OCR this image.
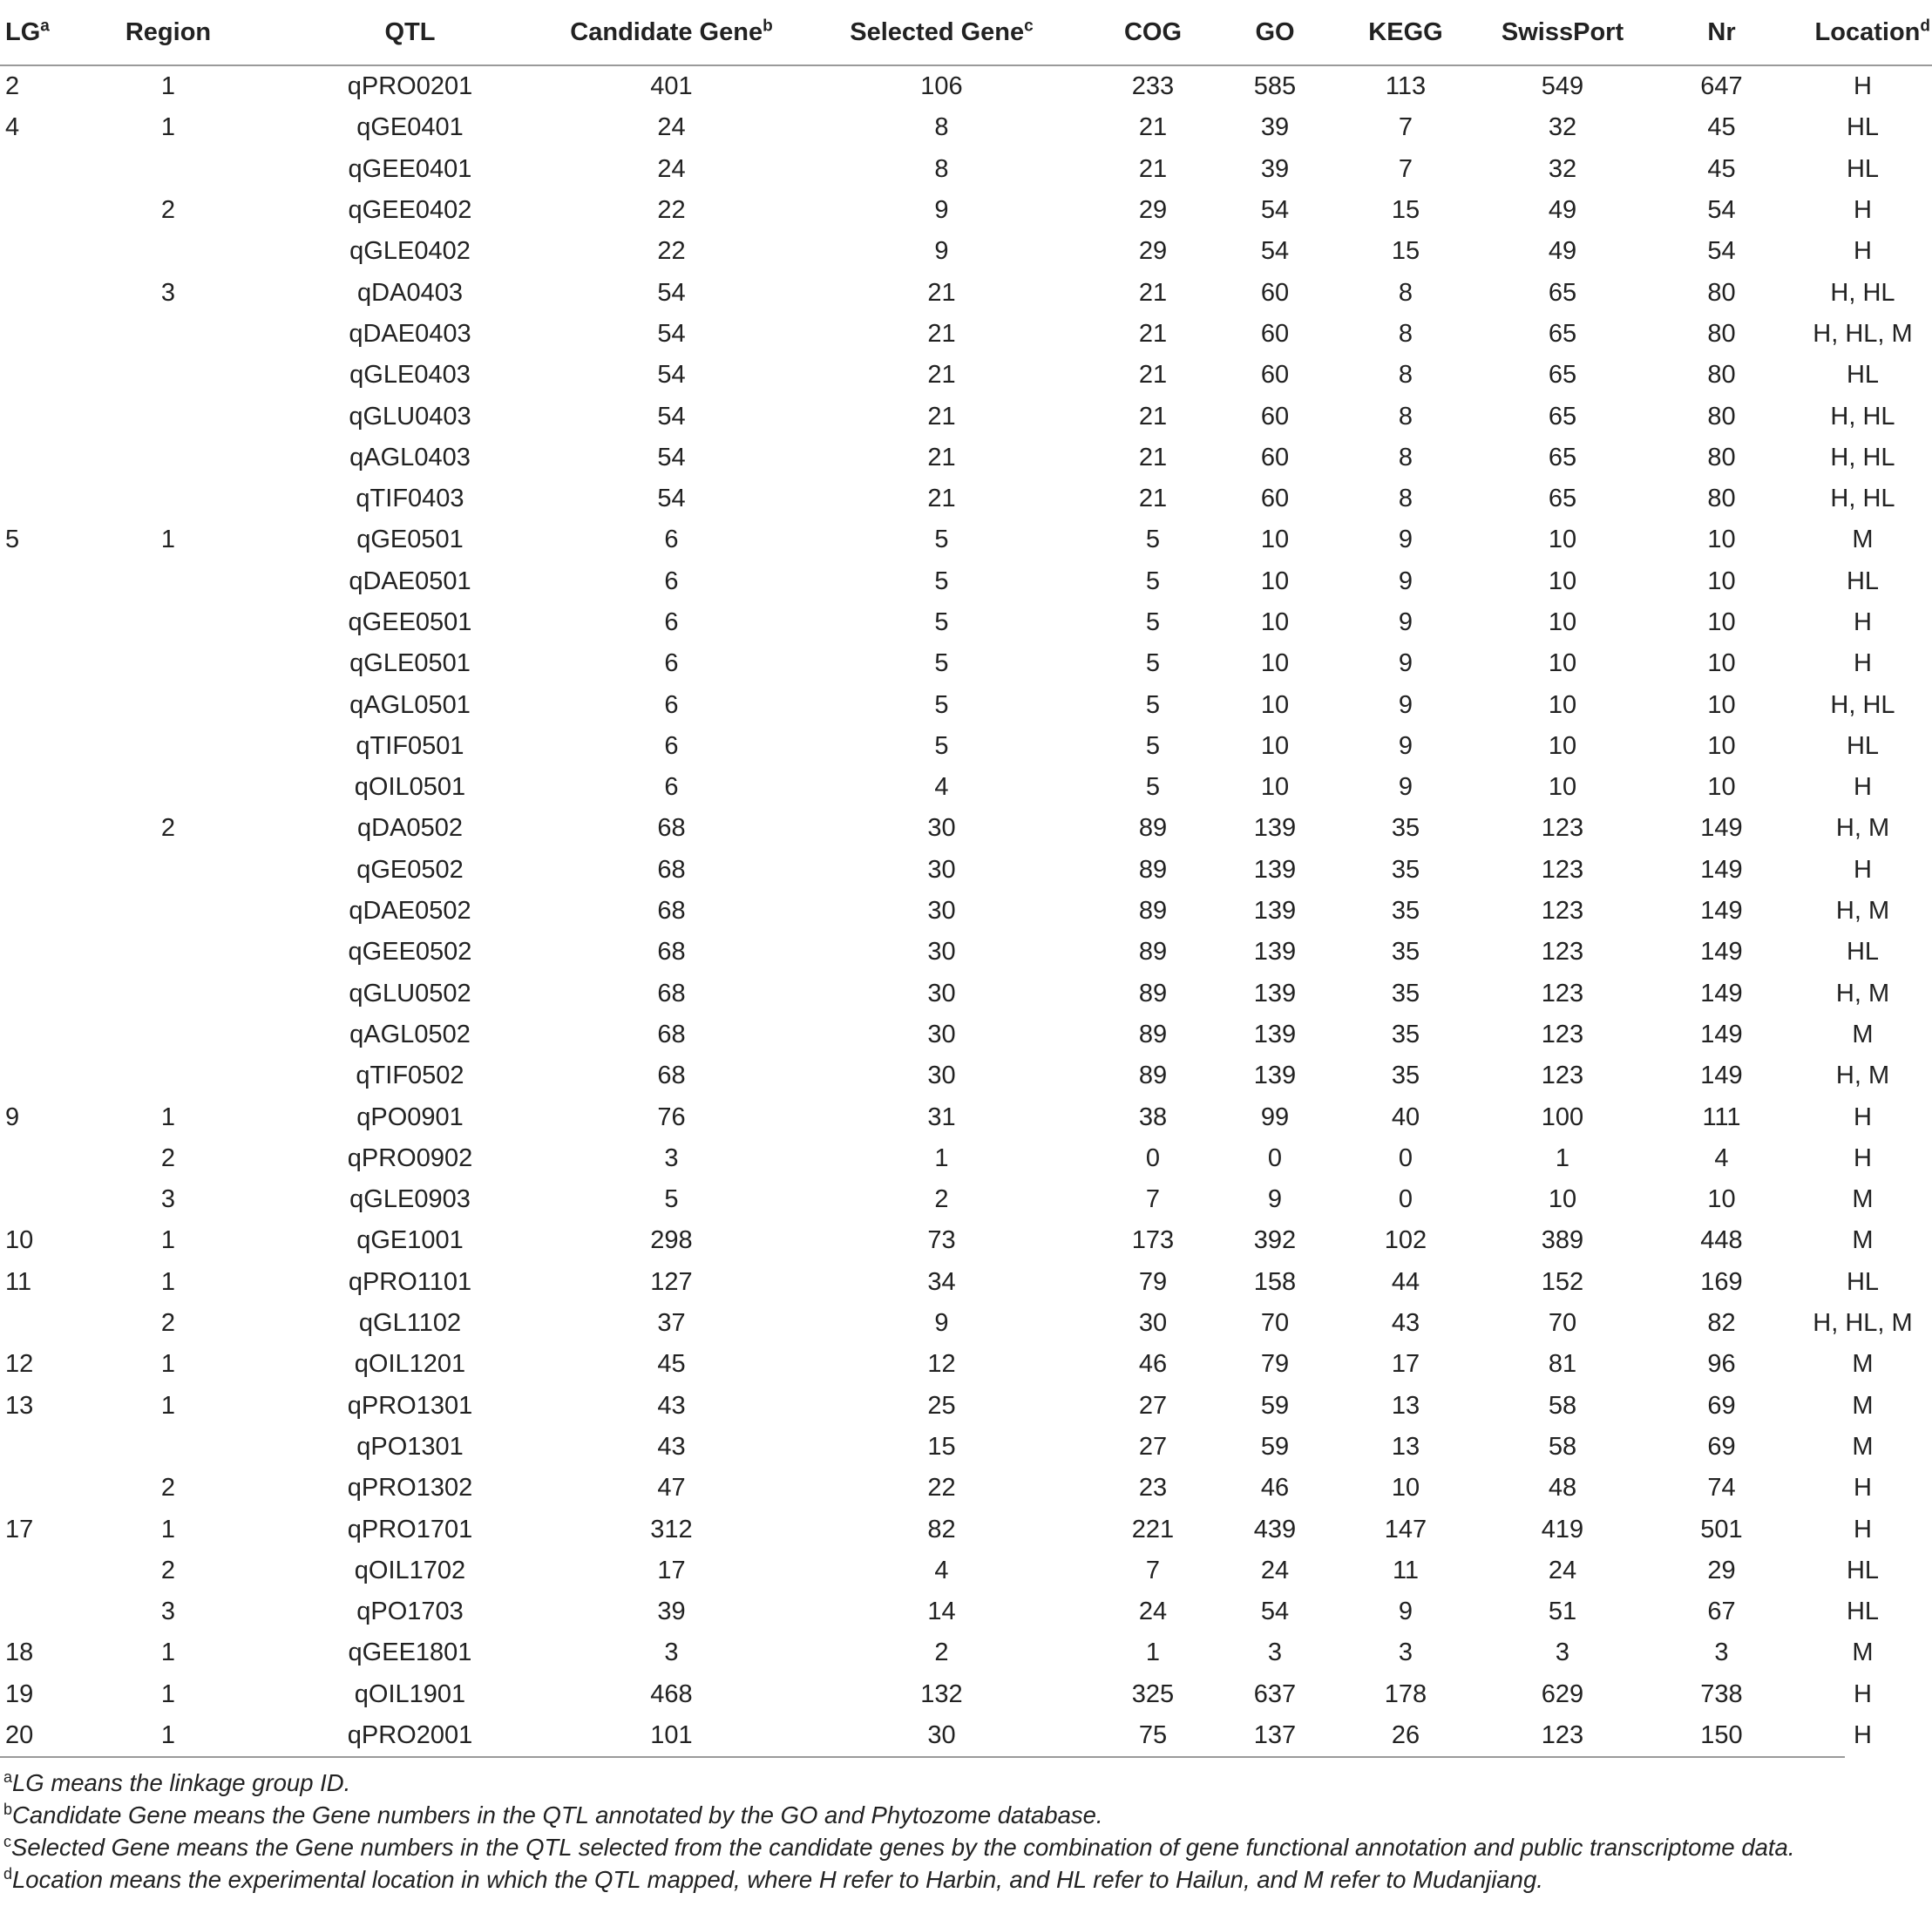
$LG^a$	Region	QTL	Candidate Gene$^b$	Selected Gene$^c$	COG	GO	KEGG	SwissPort	Nr	Location$^d$
2	1	qPRO0201	401	106	233	585	113	549	647	H
4	1	qGE0401	24	8	21	39	7	32	45	HL
		qGEE0401	24	8	21	39	7	32	45	HL
	2	qGEE0402	22	9	29	54	15	49	54	H
		qGLE0402	22	9	29	54	15	49	54	H
	3	qDA0403	54	21	21	60	8	65	80	H, HL
		qDAE0403	54	21	21	60	8	65	80	H, HL, M
		qGLE0403	54	21	21	60	8	65	80	HL
		qGLU0403	54	21	21	60	8	65	80	H, HL
		qAGL0403	54	21	21	60	8	65	80	H, HL
		qTIF0403	54	21	21	60	8	65	80	H, HL
5	1	qGE0501	6	5	5	10	9	10	10	M
		qDAE0501	6	5	5	10	9	10	10	HL
		qGEE0501	6	5	5	10	9	10	10	H
		qGLE0501	6	5	5	10	9	10	10	H
		qAGL0501	6	5	5	10	9	10	10	H, HL
		qTIF0501	6	5	5	10	9	10	10	HL
		qOIL0501	6	4	5	10	9	10	10	H
	2	qDA0502	68	30	89	139	35	123	149	H, M
		qGE0502	68	30	89	139	35	123	149	H
		qDAE0502	68	30	89	139	35	123	149	H, M
		qGEE0502	68	30	89	139	35	123	149	HL
		qGLU0502	68	30	89	139	35	123	149	H, M
		qAGL0502	68	30	89	139	35	123	149	M
		qTIF0502	68	30	89	139	35	123	149	H, M
9	1	qPO0901	76	31	38	99	40	100	111	H
	2	qPRO0902	3	1	0	0	0	1	4	H
	3	qGLE0903	5	2	7	9	0	10	10	M
10	1	qGE1001	298	73	173	392	102	389	448	M
11	1	qPRO1101	127	34	79	158	44	152	169	HL
	2	qGL1102	37	9	30	70	43	70	82	H, HL, M
12	1	qOIL1201	45	12	46	79	17	81	96	M
13	1	qPRO1301	43	25	27	59	13	58	69	M
		qPO1301	43	15	27	59	13	58	69	M
	2	qPRO1302	47	22	23	46	10	48	74	H
17	1	qPRO1701	312	82	221	439	147	419	501	H
	2	qOIL1702	17	4	7	24	11	24	29	HL
	3	qPO1703	39	14	24	54	9	51	67	HL
18	1	qGEE1801	3	2	1	3	3	3	3	M
19	1	qOIL1901	468	132	325	637	178	629	738	H
20	1	qPRO2001	101	30	75	137	26	123	150	H
$^a$LG means the linkage group ID.
$^b$Candidate Gene means the Gene numbers in the QTL annotated by the GO and Phytozome database.
$^c$Selected Gene means the Gene numbers in the QTL selected from the candidate genes by the combination of gene functional annotation and public transcriptome data.
$^d$Location means the experimental location in which the QTL mapped, where H refer to Harbin, and HL refer to Hailun, and M refer to Mudanjiang.
